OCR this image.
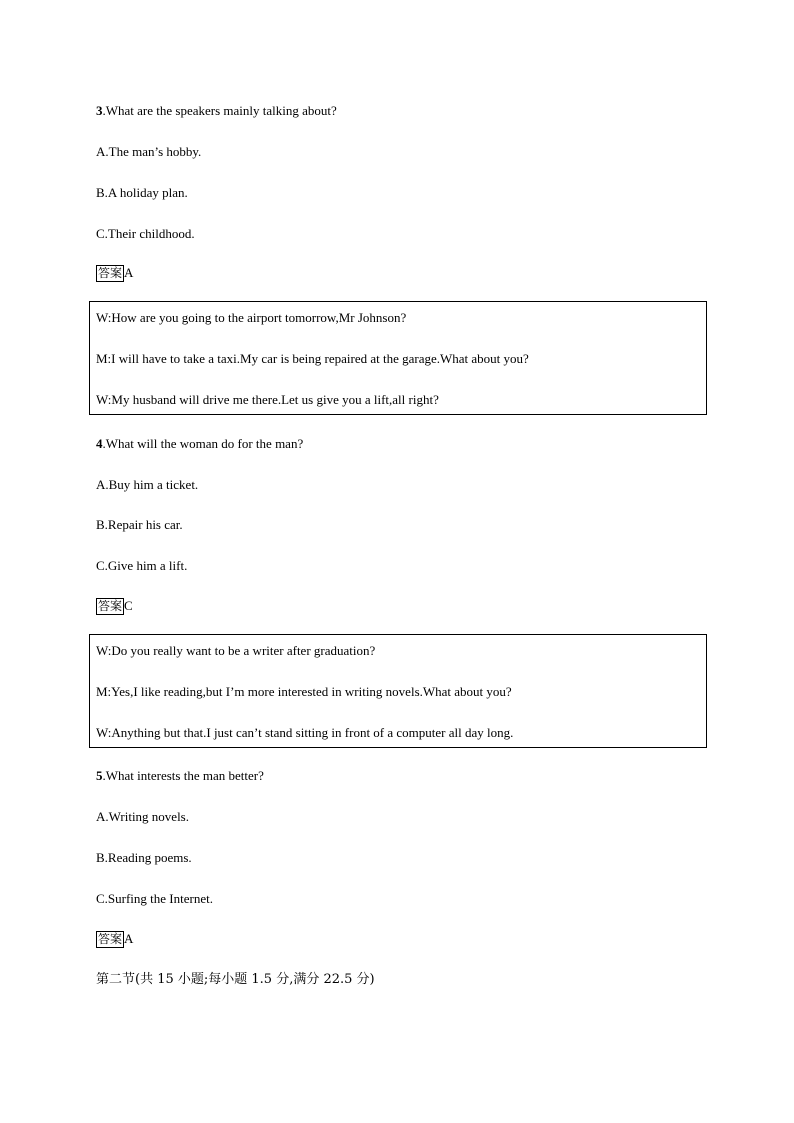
3.What are the speakers mainly talking about?
A.The man’s hobby.
B.A holiday plan.
C.Their childhood.
答案 A
W:How are you going to the airport tomorrow,Mr Johnson?
M:I will have to take a taxi.My car is being repaired at the garage.What about you?
W:My husband will drive me there.Let us give you a lift,all right?
4.What will the woman do for the man?
A.Buy him a ticket.
B.Repair his car.
C.Give him a lift.
答案 C
W:Do you really want to be a writer after graduation?
M:Yes,I like reading,but I’m more interested in writing novels.What about you?
W:Anything but that.I just can’t stand sitting in front of a computer all day long.
5.What interests the man better?
A.Writing novels.
B.Reading poems.
C.Surfing the Internet.
答案 A
第二节(共 15 小题;每小题 1.5 分,满分 22.5 分)
